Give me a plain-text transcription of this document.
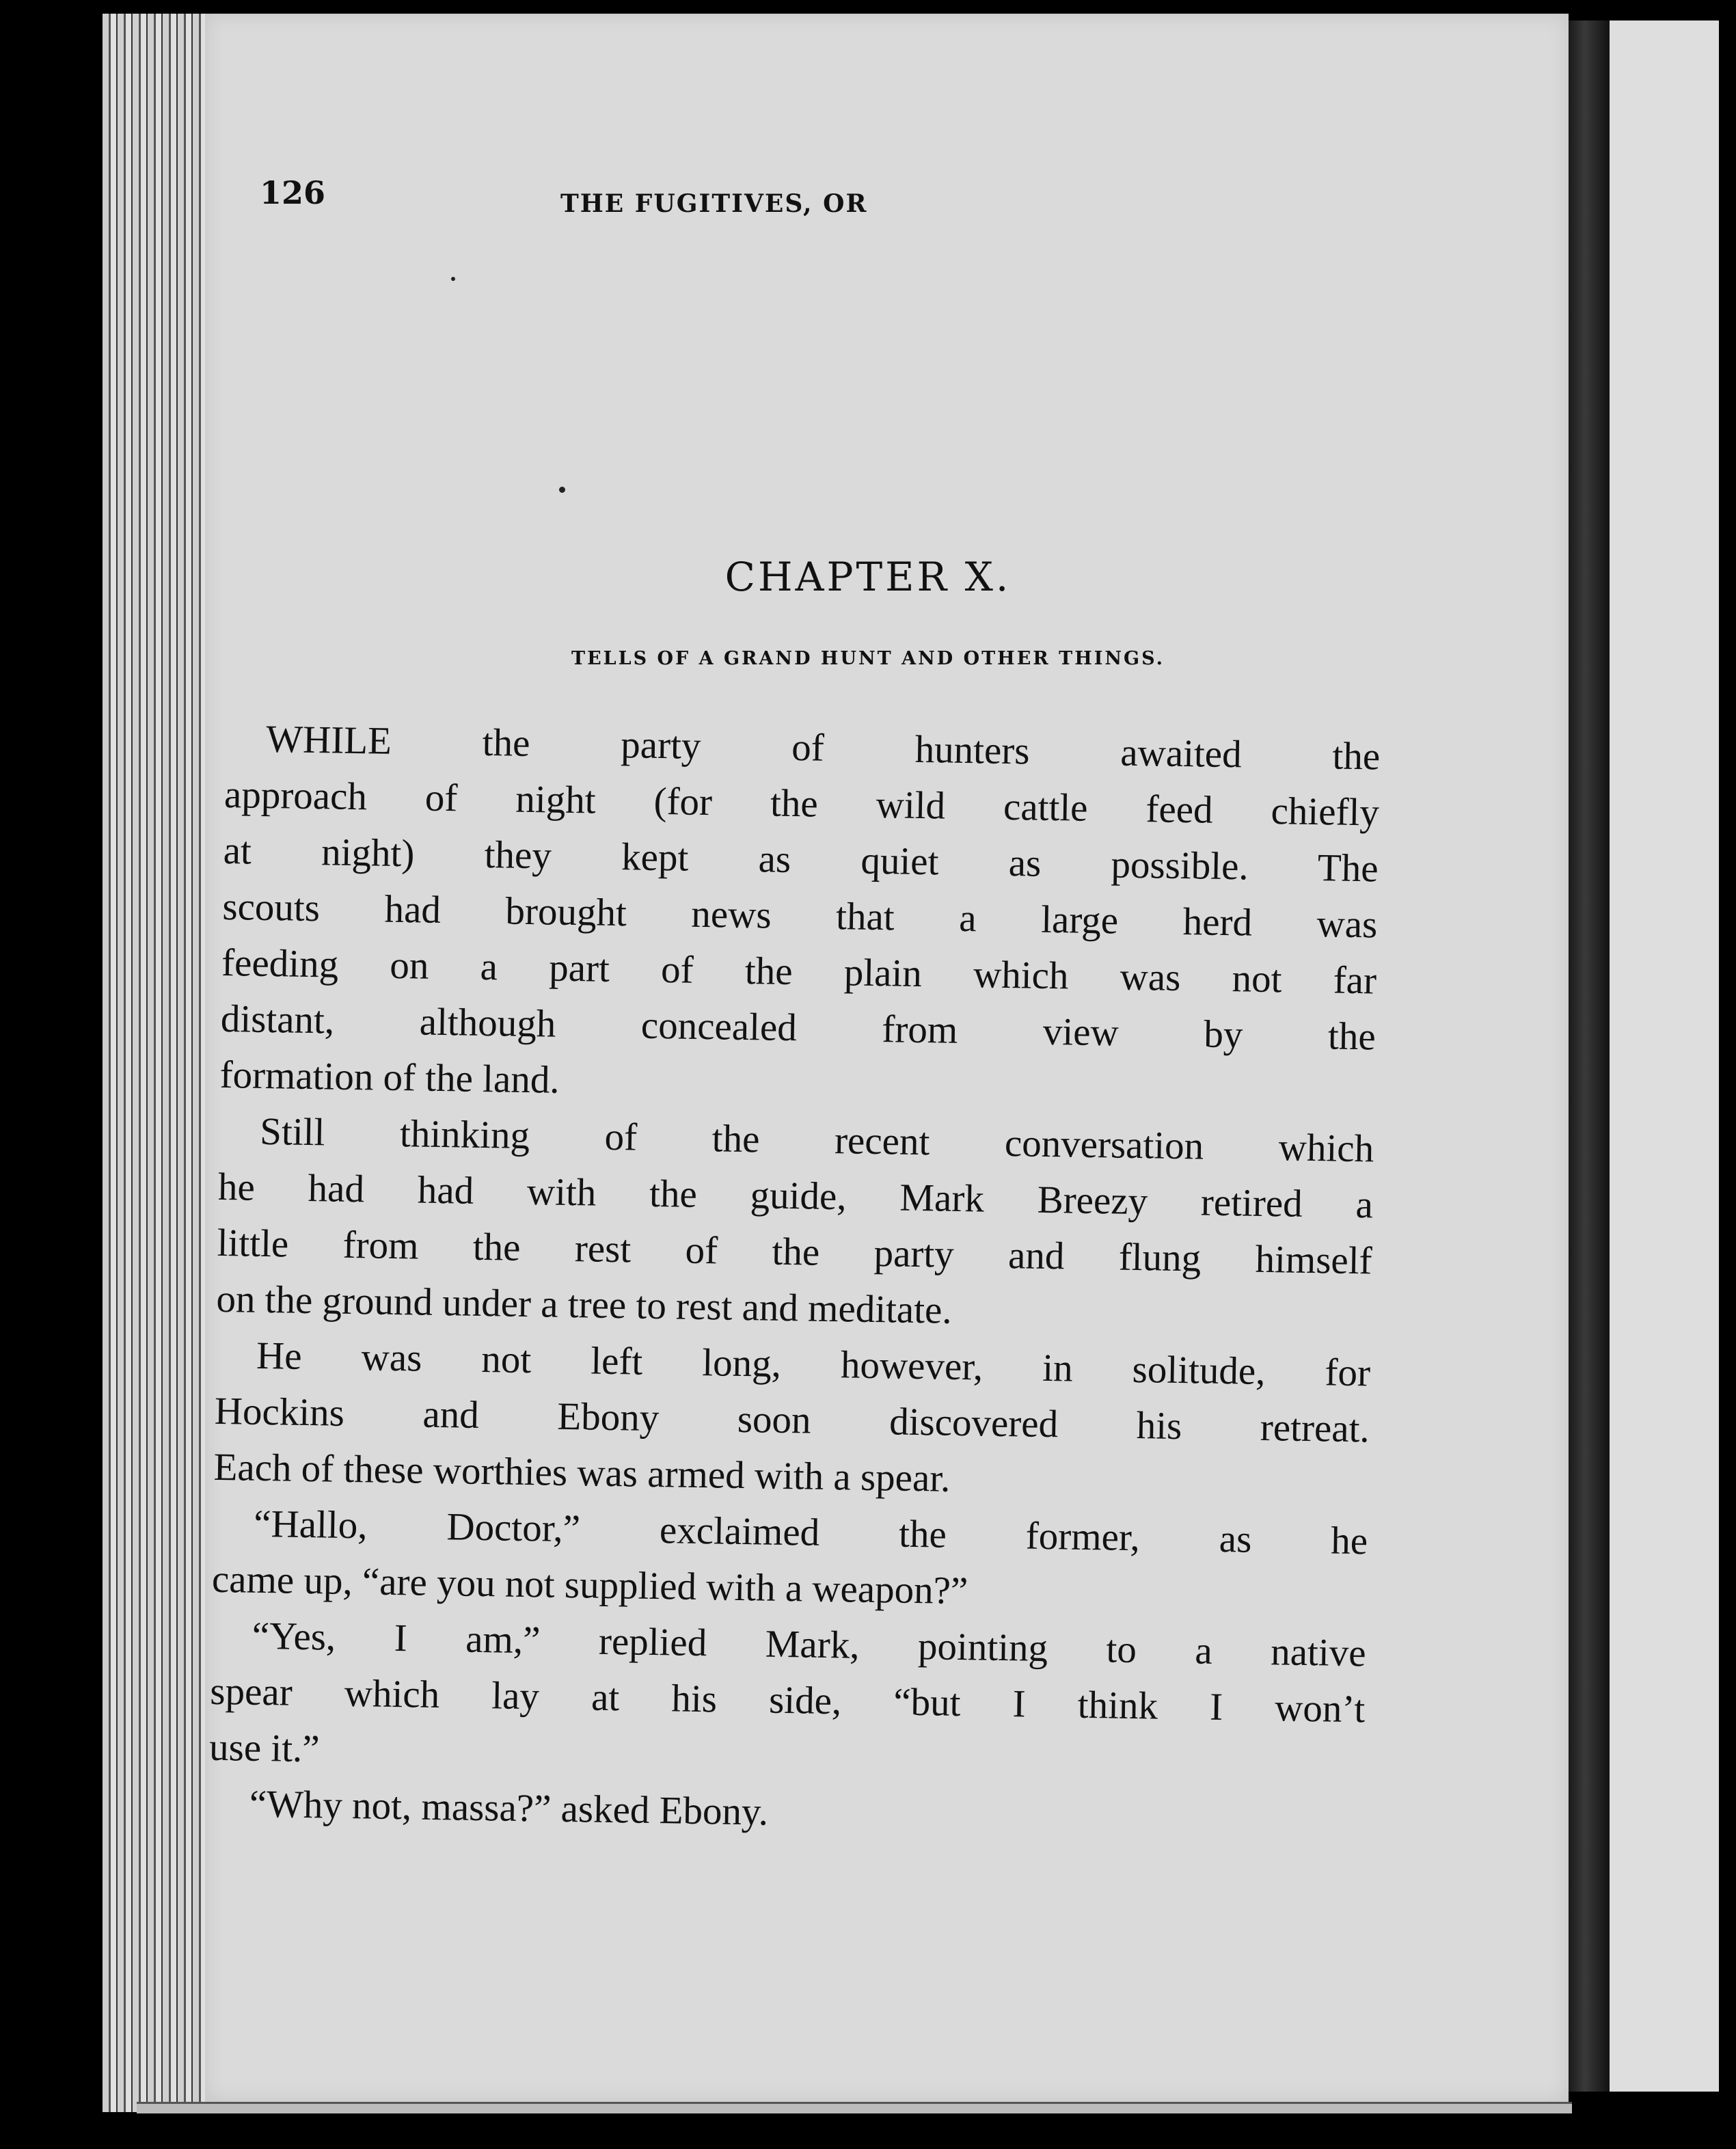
126	THE FUGITIVES, OR
CHAPTER X.
TELLS OF A GRAND HUNT AND OTHER THINGS.

WHILE the party of hunters awaited the
approach of night (for the wild cattle feed chiefly
at night) they kept as quiet as possible. The
scouts had brought news that a large herd was
feeding on a part of the plain which was not far
distant, although concealed from view by the
formation of the land.

Still thinking of the recent conversation which
he had had with the guide, Mark Breezy retired a
little from the rest of the party and flung himself
on the ground under a tree to rest and meditate.

He was not left long, however, in solitude, for
Hockins and Ebony soon discovered his retreat.
Each of these worthies was armed with a spear.

“Hallo, Doctor,” exclaimed the former, as he
came up, “are you not supplied with a weapon?”

“Yes, I am,” replied Mark, pointing to a native
spear which lay at his side, “but I think I won’t
use it.”

“Why not, massa?” asked Ebony.
